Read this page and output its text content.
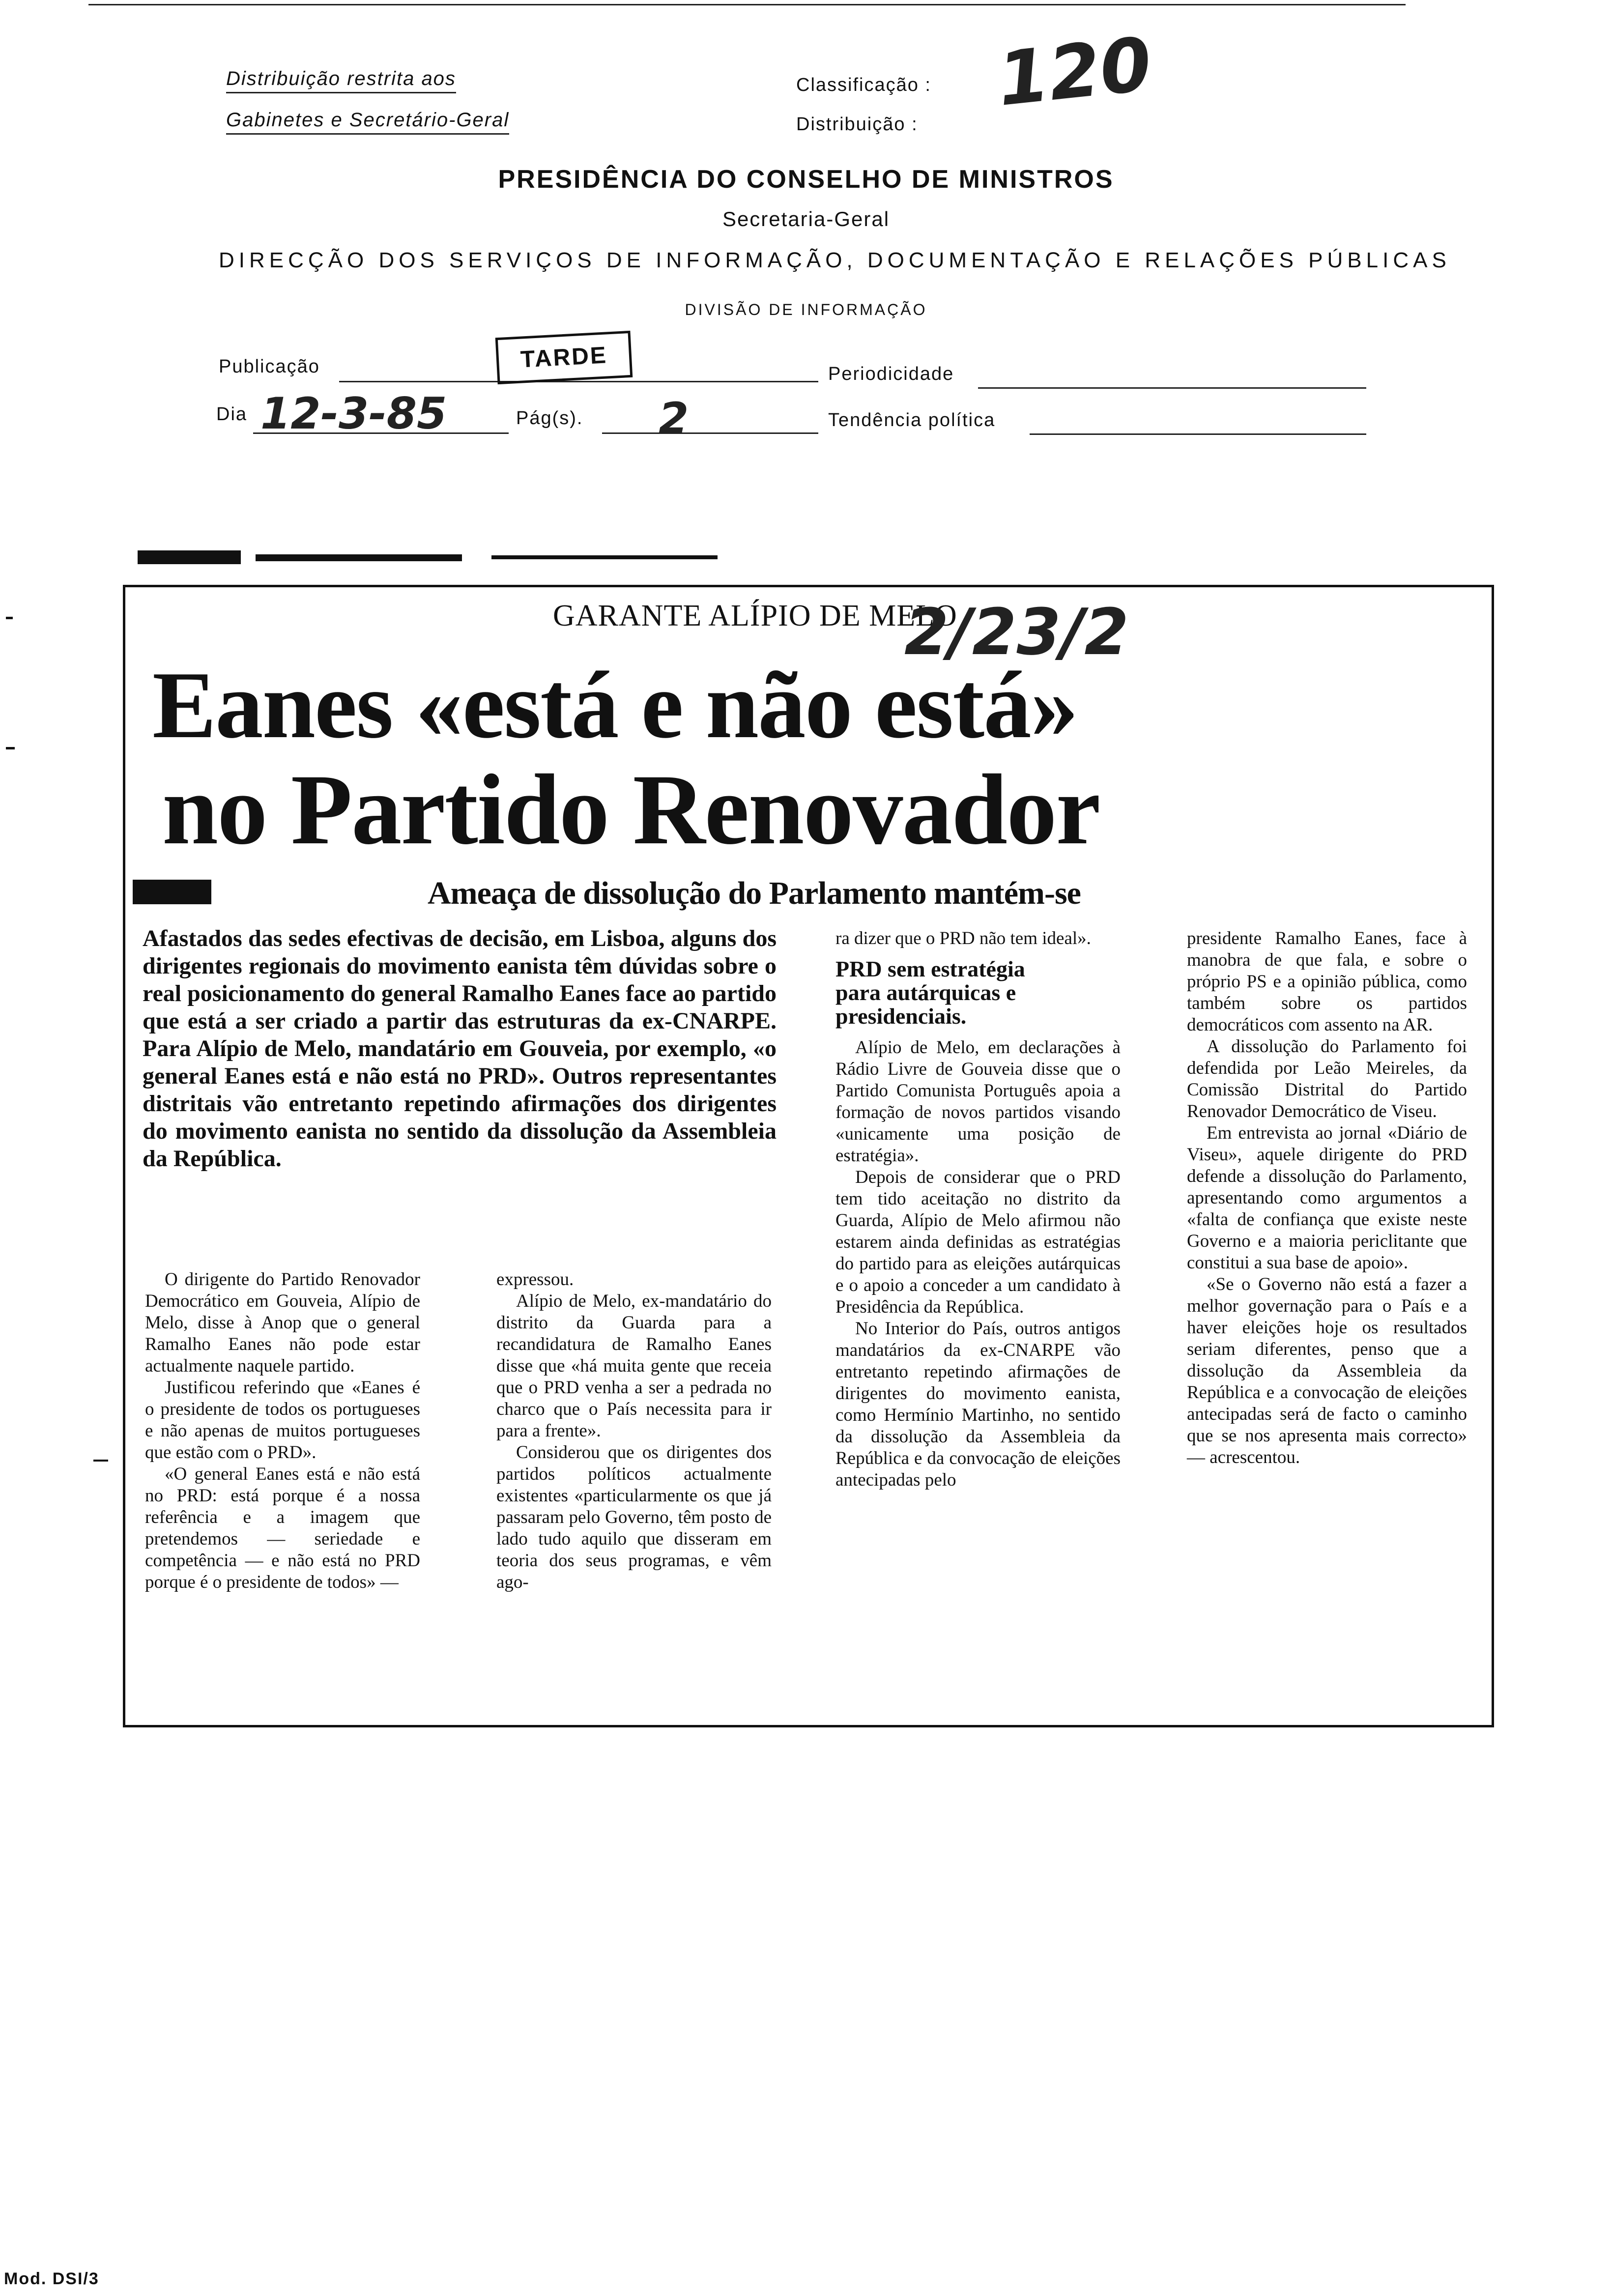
Distribuição restrita aos
Gabinetes e Secretário-Geral
Classificação :
Distribuição :
120
PRESIDÊNCIA DO CONSELHO DE MINISTROS
Secretaria-Geral
DIRECÇÃO DOS SERVIÇOS DE INFORMAÇÃO, DOCUMENTAÇÃO E RELAÇÕES PÚBLICAS
DIVISÃO DE INFORMAÇÃO
Publicação	TARDE
Dia 12-3-85	Pág(s). 2
Periodicidade
Tendência política
GARANTE ALÍPIO DE MELO
2/23/2
Eanes «está e não está»
no Partido Renovador
Ameaça de dissolução do Parlamento mantém-se
Afastados das sedes efectivas de decisão, em Lisboa, alguns dos dirigentes regionais do movimento eanista têm dúvidas sobre o real posicionamento do general Ramalho Eanes face ao partido que está a ser criado a partir das estruturas da ex-CNARPE. Para Alípio de Melo, mandatário em Gouveia, por exemplo, «o general Eanes está e não está no PRD». Outros representantes distritais vão entretanto repetindo afirmações dos dirigentes do movimento eanista no sentido da dissolução da Assembleia da República.

O dirigente do Partido Renovador Democrático em Gouveia, Alípio de Melo, disse à Anop que o general Ramalho Eanes não pode estar actualmente naquele partido.

Justificou referindo que «Eanes é o presidente de todos os portugueses e não apenas de muitos portugueses que estão com o PRD».

«O general Eanes está e não está no PRD: está porque é a nossa referência e a imagem que pretendemos — seriedade e competência — e não está no PRD porque é o presidente de todos» —

expressou.

Alípio de Melo, ex-mandatário do distrito da Guarda para a recandidatura de Ramalho Eanes disse que «há muita gente que receia que o PRD venha a ser a pedrada no charco que o País necessita para ir para a frente».

Considerou que os dirigentes dos partidos políticos actualmente existentes «particularmente os que já passaram pelo Governo, têm posto de lado tudo aquilo que disseram em teoria dos seus programas, e vêm ago-

ra dizer que o PRD não tem ideal».

PRD sem estratégia para autárquicas e presidenciais.

Alípio de Melo, em declarações à Rádio Livre de Gouveia disse que o Partido Comunista Português apoia a formação de novos partidos visando «unicamente uma posição de estratégia».

Depois de considerar que o PRD tem tido aceitação no distrito da Guarda, Alípio de Melo afirmou não estarem ainda definidas as estratégias do partido para as eleições autárquicas e o apoio a conceder a um candidato à Presidência da República.

No Interior do País, outros antigos mandatários da ex-CNARPE vão entretanto repetindo afirmações de dirigentes do movimento eanista, como Hermínio Martinho, no sentido da dissolução da Assembleia da República e da convocação de eleições antecipadas pelo

presidente Ramalho Eanes, face à manobra de que fala, e sobre o próprio PS e a opinião pública, como também sobre os partidos democráticos com assento na AR.

A dissolução do Parlamento foi defendida por Leão Meireles, da Comissão Distrital do Partido Renovador Democrático de Viseu.

Em entrevista ao jornal «Diário de Viseu», aquele dirigente do PRD defende a dissolução do Parlamento, apresentando como argumentos a «falta de confiança que existe neste Governo e a maioria periclitante que constitui a sua base de apoio».

«Se o Governo não está a fazer a melhor governação para o País e a haver eleições hoje os resultados seriam diferentes, penso que a dissolução da Assembleia da República e a convocação de eleições antecipadas será de facto o caminho que se nos apresenta mais correcto» — acrescentou.

Mod. DSI/3
